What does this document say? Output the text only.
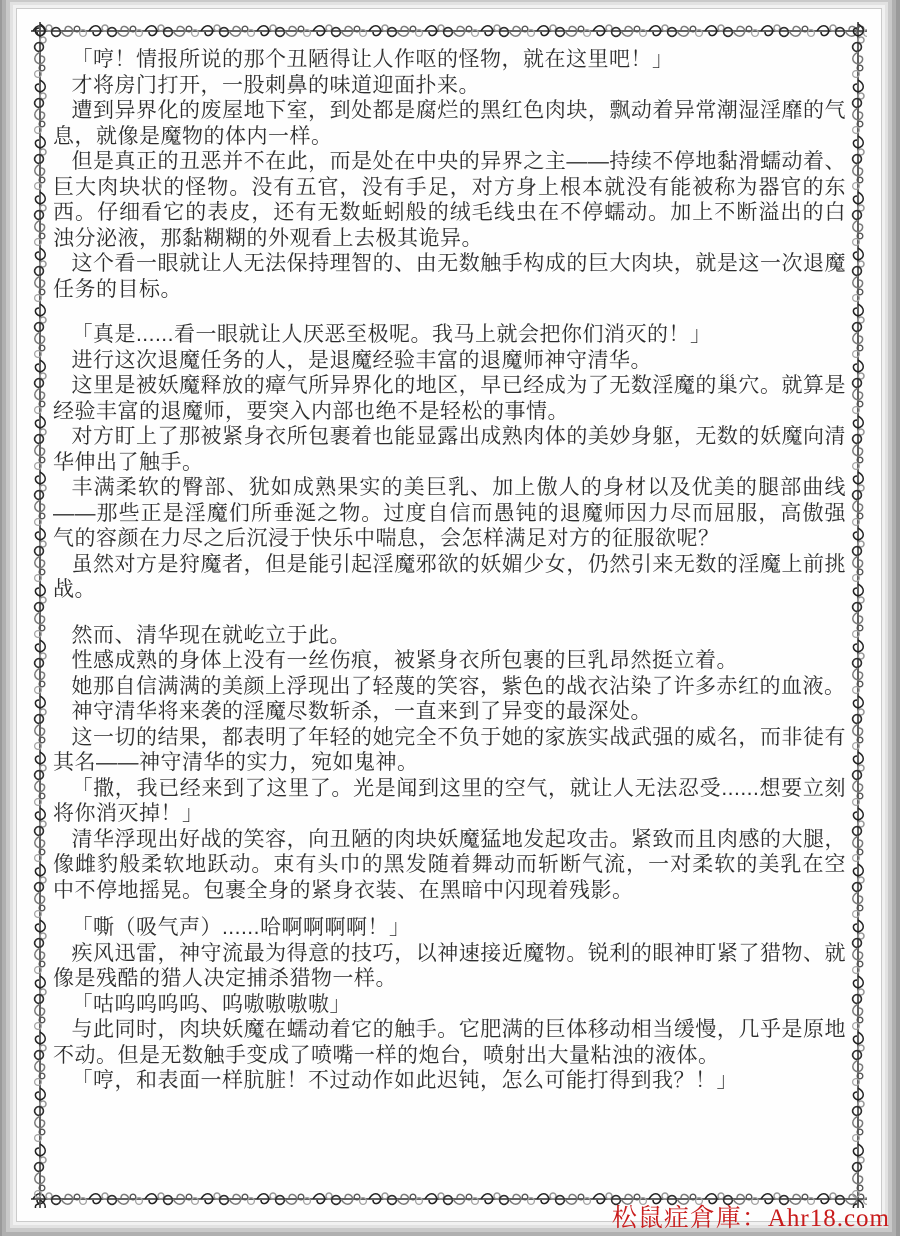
「哼！情报所说的那个丑陋得让人作呕的怪物，就在这里吧！」

才将房门打开，一股刺鼻的味道迎面扑来。

遭到异界化的废屋地下室，到处都是腐烂的黑红色肉块，飘动着异常潮湿淫靡的气息，就像是魔物的体内一样。

但是真正的丑恶并不在此，而是处在中央的异界之主——持续不停地黏滑蠕动着、巨大肉块状的怪物。没有五官，没有手足，对方身上根本就没有能被称为器官的东西。仔细看它的表皮，还有无数蚯蚓般的绒毛线虫在不停蠕动。加上不断溢出的白浊分泌液，那黏糊糊的外观看上去极其诡异。

这个看一眼就让人无法保持理智的、由无数触手构成的巨大肉块，就是这一次退魔任务的目标。

「真是......看一眼就让人厌恶至极呢。我马上就会把你们消灭的！」

进行这次退魔任务的人，是退魔经验丰富的退魔师神守清华。

这里是被妖魔释放的瘴气所异界化的地区，早已经成为了无数淫魔的巢穴。就算是经验丰富的退魔师，要突入内部也绝不是轻松的事情。

对方盯上了那被紧身衣所包裹着也能显露出成熟肉体的美妙身躯，无数的妖魔向清华伸出了触手。

丰满柔软的臀部、犹如成熟果实的美巨乳、加上傲人的身材以及优美的腿部曲线——那些正是淫魔们所垂涎之物。过度自信而愚钝的退魔师因力尽而屈服，高傲强气的容颜在力尽之后沉浸于快乐中喘息，会怎样满足对方的征服欲呢？

虽然对方是狩魔者，但是能引起淫魔邪欲的妖媚少女，仍然引来无数的淫魔上前挑战。

然而、清华现在就屹立于此。

性感成熟的身体上没有一丝伤痕，被紧身衣所包裹的巨乳昂然挺立着。

她那自信满满的美颜上浮现出了轻蔑的笑容，紫色的战衣沾染了许多赤红的血液。

神守清华将来袭的淫魔尽数斩杀，一直来到了异变的最深处。

这一切的结果，都表明了年轻的她完全不负于她的家族实战武强的威名，而非徒有其名——神守清华的实力，宛如鬼神。

「撒，我已经来到了这里了。光是闻到这里的空气，就让人无法忍受......想要立刻将你消灭掉！」

清华浮现出好战的笑容，向丑陋的肉块妖魔猛地发起攻击。紧致而且肉感的大腿，像雌豹般柔软地跃动。束有头巾的黑发随着舞动而斩断气流，一对柔软的美乳在空中不停地摇晃。包裹全身的紧身衣装、在黑暗中闪现着残影。

「嘶（吸气声）......哈啊啊啊啊！」

疾风迅雷，神守流最为得意的技巧，以神速接近魔物。锐利的眼神盯紧了猎物、就像是残酷的猎人决定捕杀猎物一样。

「咕呜呜呜呜、呜嗷嗷嗷嗷」

与此同时，肉块妖魔在蠕动着它的触手。它肥满的巨体移动相当缓慢，几乎是原地不动。但是无数触手变成了喷嘴一样的炮台，喷射出大量粘浊的液体。

「哼，和表面一样肮脏！不过动作如此迟钝，怎么可能打得到我？！」

松鼠症倉庫：Ahr18.com
